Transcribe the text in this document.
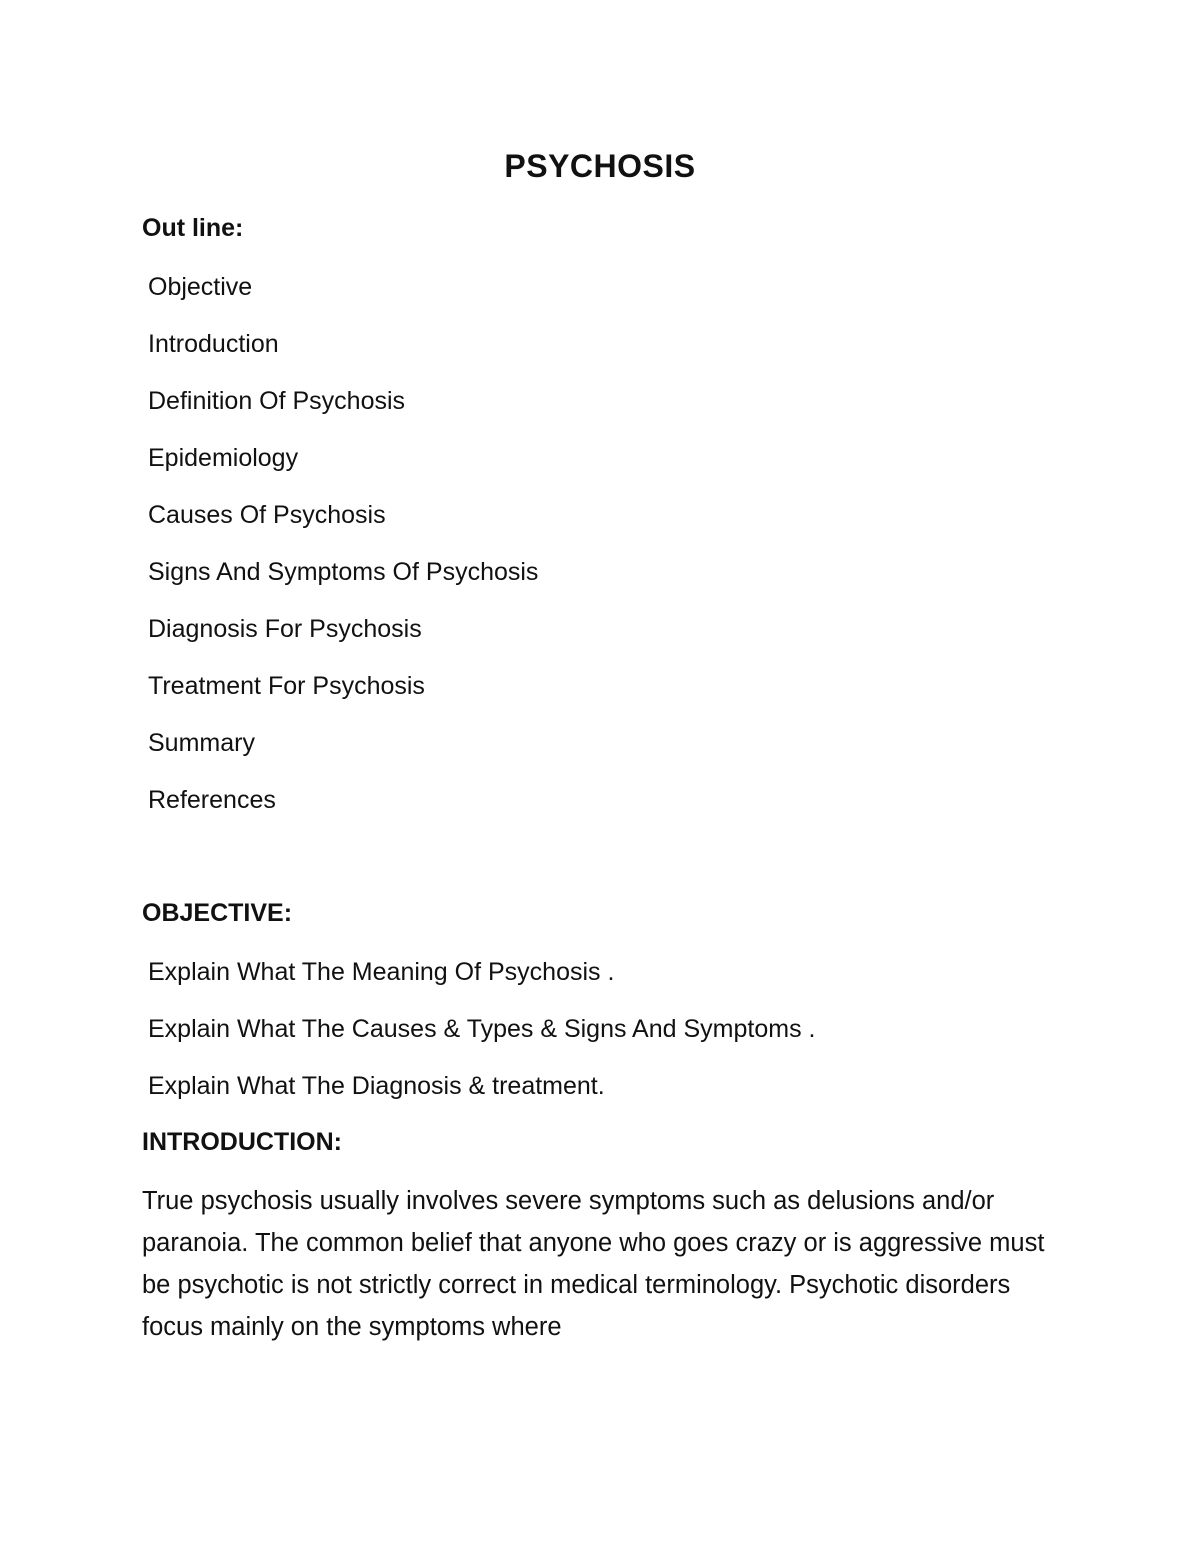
PSYCHOSIS
Out line:
Objective
Introduction
Definition Of Psychosis
Epidemiology
Causes Of Psychosis
Signs And Symptoms Of Psychosis
Diagnosis For Psychosis
Treatment For Psychosis
Summary
References
OBJECTIVE:
Explain What The Meaning Of Psychosis .
Explain What The Causes & Types & Signs And Symptoms .
Explain What The Diagnosis & treatment.
INTRODUCTION:

True psychosis usually involves severe symptoms such as delusions and/or paranoia. The common belief that anyone who goes crazy or is aggressive must be psychotic is not strictly correct in medical terminology. Psychotic disorders focus mainly on the symptoms where
